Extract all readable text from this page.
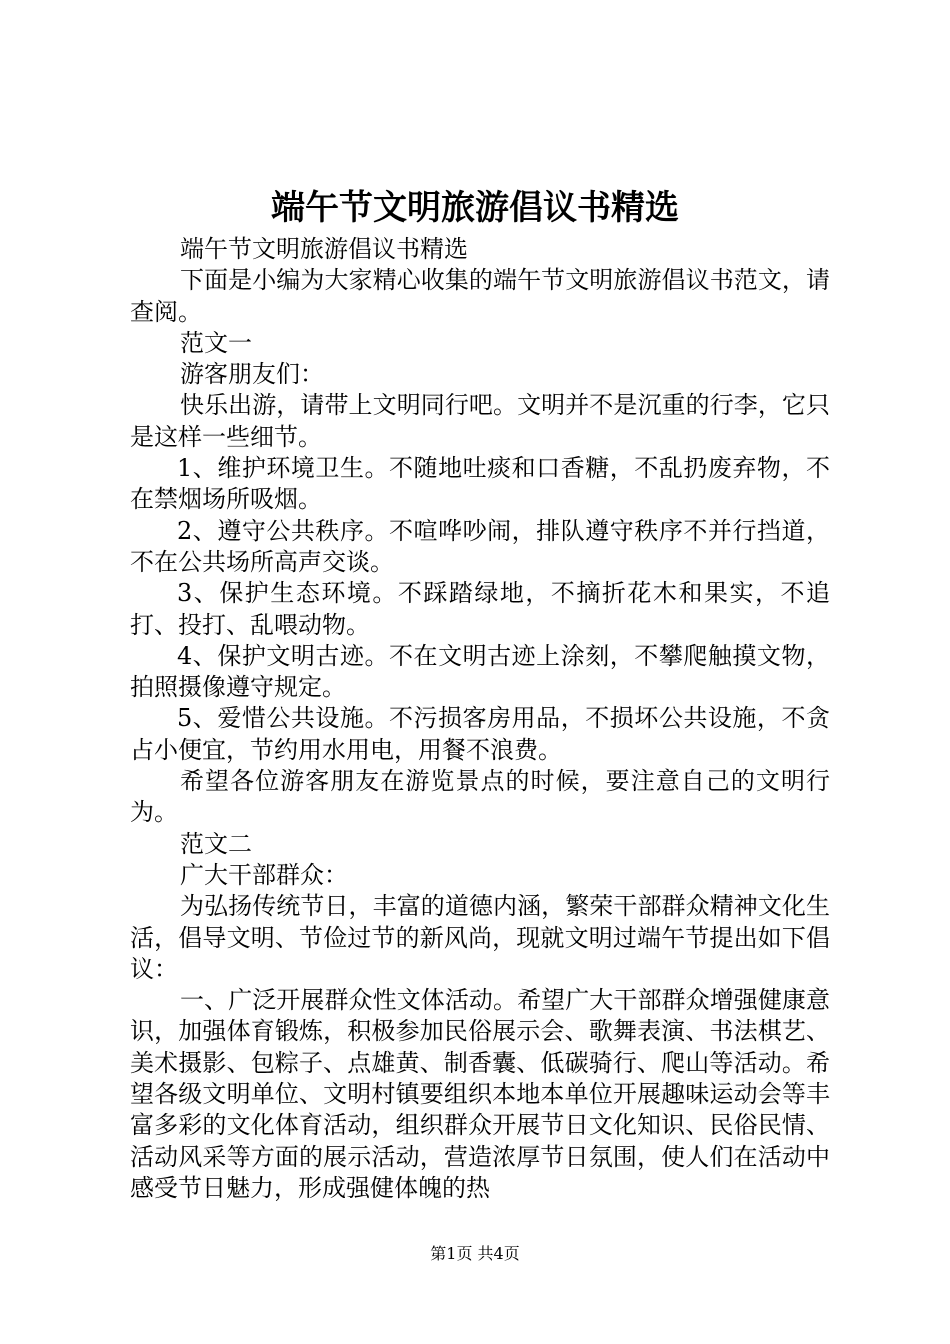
端午节文明旅游倡议书精选

端午节文明旅游倡议书精选

下面是小编为大家精心收集的端午节文明旅游倡议书范文，请查阅。

范文一

游客朋友们：

快乐出游，请带上文明同行吧。文明并不是沉重的行李，它只是这样一些细节。

1、维护环境卫生。不随地吐痰和口香糖，不乱扔废弃物，不在禁烟场所吸烟。

2、遵守公共秩序。不喧哗吵闹，排队遵守秩序不并行挡道，不在公共场所高声交谈。

3、保护生态环境。不踩踏绿地，不摘折花木和果实，不追打、投打、乱喂动物。

4、保护文明古迹。不在文明古迹上涂刻，不攀爬触摸文物，拍照摄像遵守规定。

5、爱惜公共设施。不污损客房用品，不损坏公共设施，不贪占小便宜，节约用水用电，用餐不浪费。

希望各位游客朋友在游览景点的时候，要注意自己的文明行为。

范文二

广大干部群众：

为弘扬传统节日，丰富的道德内涵，繁荣干部群众精神文化生活，倡导文明、节俭过节的新风尚，现就文明过端午节提出如下倡议：

一、广泛开展群众性文体活动。希望广大干部群众增强健康意识，加强体育锻炼，积极参加民俗展示会、歌舞表演、书法棋艺、美术摄影、包粽子、点雄黄、制香囊、低碳骑行、爬山等活动。希望各级文明单位、文明村镇要组织本地本单位开展趣味运动会等丰富多彩的文化体育活动，组织群众开展节日文化知识、民俗民情、活动风采等方面的展示活动，营造浓厚节日氛围，使人们在活动中感受节日魅力，形成强健体魄的热

第1页 共4页
